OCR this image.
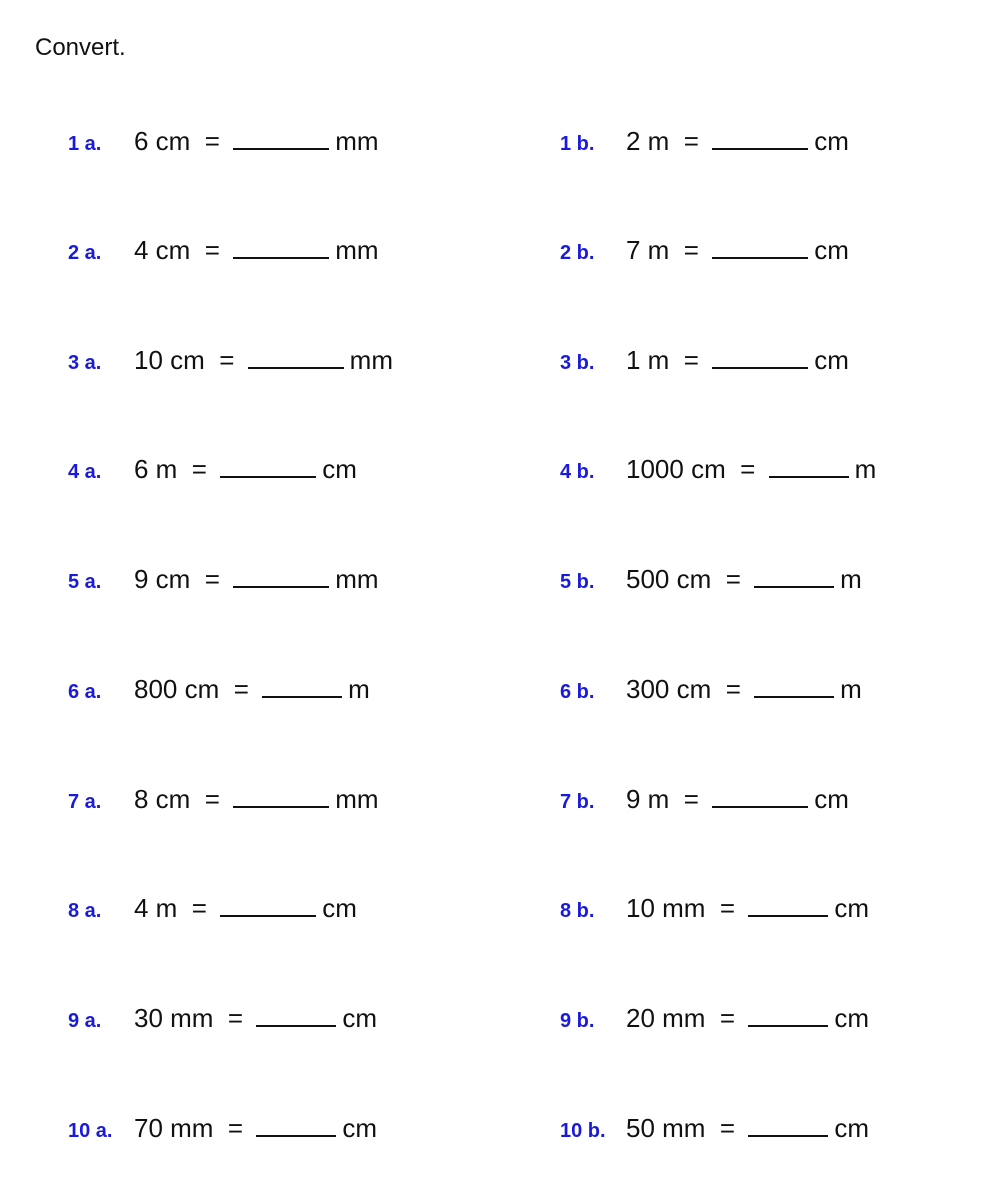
Convert.
1 a.	6 cm  =	mm
2 a.	4 cm  =	mm
3 a.	10 cm  =	mm
4 a.	6 m  =	cm
5 a.	9 cm  =	mm
6 a.	800 cm  =	m
7 a.	8 cm  =	mm
8 a.	4 m  =	cm
9 a.	30 mm  =	cm
10 a. 70 mm  =	cm
1 b.	2 m  =	cm
2 b.	7 m  =	cm
3 b.	1 m  =	cm
4 b.	1000 cm  =	m
5 b.	500 cm  =	m
6 b.	300 cm  =	m
7 b.	9 m  =	cm
8 b.	10 mm  =	cm
9 b.	20 mm  =	cm
10 b. 50 mm  =	cm
